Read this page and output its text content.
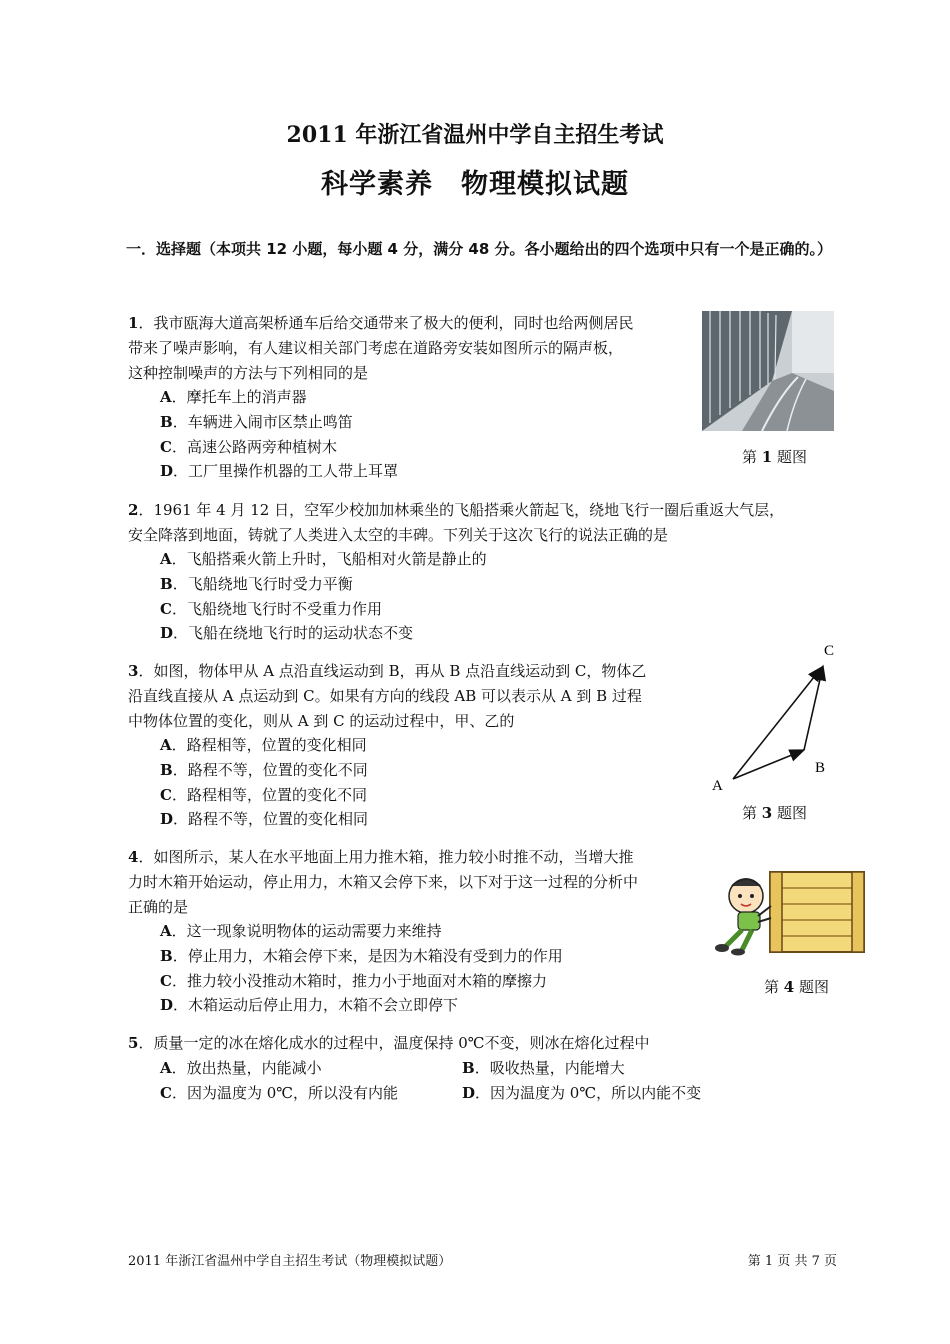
2011 年浙江省温州中学自主招生考试
科学素养　物理模拟试题
一．选择题（本项共 12 小题，每小题 4 分，满分 48 分。各小题给出的四个选项中只有一个是正确的。）
1．我市瓯海大道高架桥通车后给交通带来了极大的便利，同时也给两侧居民
带来了噪声影响，有人建议相关部门考虑在道路旁安装如图所示的隔声板，
这种控制噪声的方法与下列相同的是
A．摩托车上的消声器
B．车辆进入闹市区禁止鸣笛
C．高速公路两旁种植树木
D．工厂里操作机器的工人带上耳罩
第 1 题图
2．1961 年 4 月 12 日，空军少校加加林乘坐的飞船搭乘火箭起飞，绕地飞行一圈后重返大气层，
安全降落到地面，铸就了人类进入太空的丰碑。下列关于这次飞行的说法正确的是
A．飞船搭乘火箭上升时，飞船相对火箭是静止的
B．飞船绕地飞行时受力平衡
C．飞船绕地飞行时不受重力作用
D．飞船在绕地飞行时的运动状态不变
3．如图，物体甲从 A 点沿直线运动到 B，再从 B 点沿直线运动到 C，物体乙
沿直线直接从 A 点运动到 C。如果有方向的线段 AB 可以表示从 A 到 B 过程
中物体位置的变化，则从 A 到 C 的运动过程中，甲、乙的
A．路程相等，位置的变化相同
B．路程不等，位置的变化不同
C．路程相等，位置的变化不同
D．路程不等，位置的变化相同
A
B
C
第 3 题图
4．如图所示，某人在水平地面上用力推木箱，推力较小时推不动，当增大推
力时木箱开始运动，停止用力，木箱又会停下来，以下对于这一过程的分析中
正确的是
A．这一现象说明物体的运动需要力来维持
B．停止用力，木箱会停下来，是因为木箱没有受到力的作用
C．推力较小没推动木箱时，推力小于地面对木箱的摩擦力
D．木箱运动后停止用力，木箱不会立即停下
第 4 题图
5．质量一定的冰在熔化成水的过程中，温度保持 0℃不变，则冰在熔化过程中
A．放出热量，内能减小
C．因为温度为 0℃，所以没有内能
B．吸收热量，内能增大
D．因为温度为 0℃，所以内能不变
2011 年浙江省温州中学自主招生考试（物理模拟试题）	第 1 页 共 7 页
